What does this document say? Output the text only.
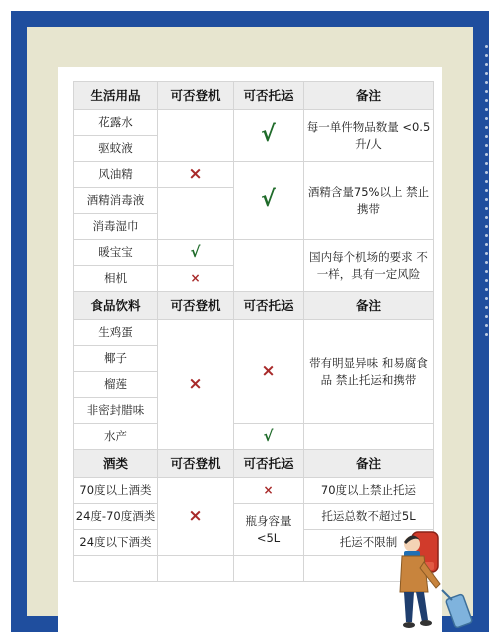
生活用品	可否登机	可否托运	备注
花露水		√	每一单件物品数量 <0.5升/人
驱蚊液			
风油精	×	√	酒精含量75%以上 禁止携带
酒精消毒液			
消毒湿巾			
暖宝宝	√		国内每个机场的要求 不一样，具有一定风险
相机	×		
食品饮料	可否登机	可否托运	备注
生鸡蛋	×	×	带有明显异味 和易腐食品 禁止托运和携带
椰子			
榴莲			
非密封腊味			
水产		√	
酒类	可否登机	可否托运	备注
70度以上酒类	×	×	70度以上禁止托运
24度-70度酒类		瓶身容量 <5L	托运总数不超过5L
24度以下酒类			托运不限制
